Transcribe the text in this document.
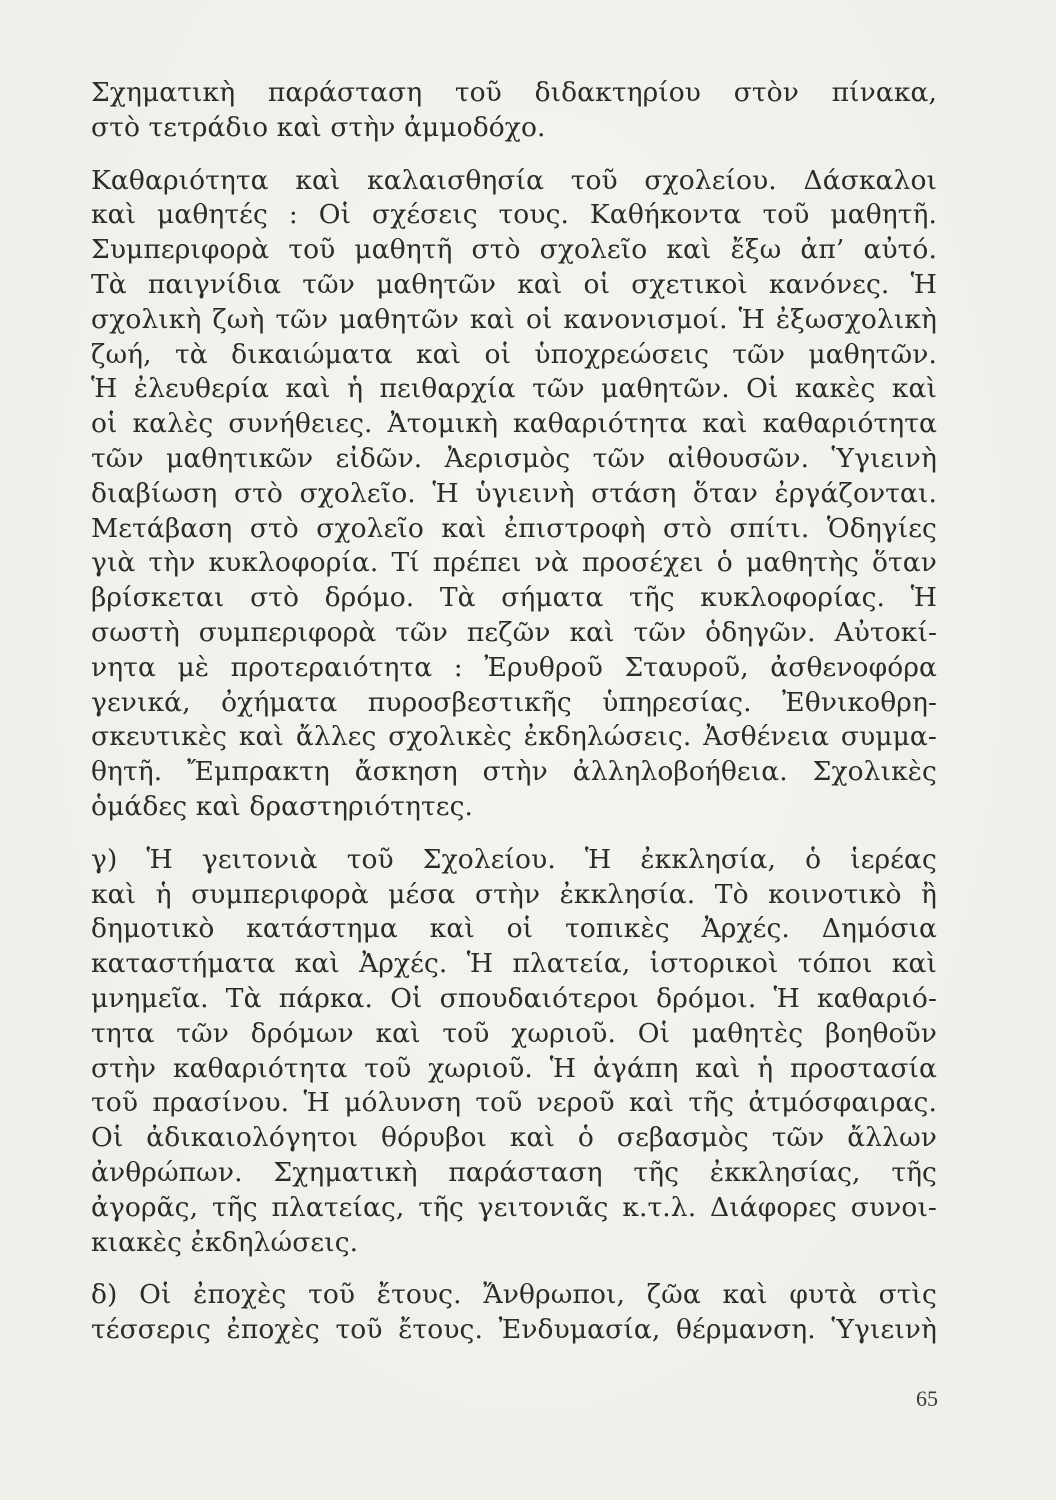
Σχηματικὴ παράσταση τοῦ διδακτηρίου στὸν πίνακα,
στὸ τετράδιο καὶ στὴν ἀμμοδόχο.
Καθαριότητα καὶ καλαισθησία τοῦ σχολείου. Δάσκαλοι
καὶ μαθητές : Οἱ σχέσεις τους. Καθήκοντα τοῦ μαθητῆ.
Συμπεριφορὰ τοῦ μαθητῆ στὸ σχολεῖο καὶ ἔξω ἀπ’ αὐτό.
Τὰ παιγνίδια τῶν μαθητῶν καὶ οἱ σχετικοὶ κανόνες. Ἡ
σχολικὴ ζωὴ τῶν μαθητῶν καὶ οἱ κανονισμοί. Ἡ ἐξωσχολικὴ
ζωή, τὰ δικαιώματα καὶ οἱ ὑποχρεώσεις τῶν μαθητῶν.
Ἡ ἐλευθερία καὶ ἡ πειθαρχία τῶν μαθητῶν. Οἱ κακὲς καὶ
οἱ καλὲς συνήθειες. Ἀτομικὴ καθαριότητα καὶ καθαριότητα
τῶν μαθητικῶν εἰδῶν. Ἀερισμὸς τῶν αἰθουσῶν. Ὑγιεινὴ
διαβίωση στὸ σχολεῖο. Ἡ ὑγιεινὴ στάση ὅταν ἐργάζονται.
Μετάβαση στὸ σχολεῖο καὶ ἐπιστροφὴ στὸ σπίτι. Ὁδηγίες
γιὰ τὴν κυκλοφορία. Τί πρέπει νὰ προσέχει ὁ μαθητὴς ὅταν
βρίσκεται στὸ δρόμο. Τὰ σήματα τῆς κυκλοφορίας. Ἡ
σωστὴ συμπεριφορὰ τῶν πεζῶν καὶ τῶν ὁδηγῶν. Αὐτοκί-
νητα μὲ προτεραιότητα : Ἐρυθροῦ Σταυροῦ, ἀσθενοφόρα
γενικά, ὀχήματα πυροσβεστικῆς ὑπηρεσίας. Ἐθνικοθρη-
σκευτικὲς καὶ ἄλλες σχολικὲς ἐκδηλώσεις. Ἀσθένεια συμμα-
θητῆ. Ἔμπρακτη ἄσκηση στὴν ἀλληλοβοήθεια. Σχολικὲς
ὁμάδες καὶ δραστηριότητες.
γ) Ἡ γειτονιὰ τοῦ Σχολείου. Ἡ ἐκκλησία, ὁ ἱερέας
καὶ ἡ συμπεριφορὰ μέσα στὴν ἐκκλησία. Τὸ κοινοτικὸ ἢ
δημοτικὸ κατάστημα καὶ οἱ τοπικὲς Ἀρχές. Δημόσια
καταστήματα καὶ Ἀρχές. Ἡ πλατεία, ἱστορικοὶ τόποι καὶ
μνημεῖα. Τὰ πάρκα. Οἱ σπουδαιότεροι δρόμοι. Ἡ καθαριό-
τητα τῶν δρόμων καὶ τοῦ χωριοῦ. Οἱ μαθητὲς βοηθοῦν
στὴν καθαριότητα τοῦ χωριοῦ. Ἡ ἀγάπη καὶ ἡ προστασία
τοῦ πρασίνου. Ἡ μόλυνση τοῦ νεροῦ καὶ τῆς ἀτμόσφαιρας.
Οἱ ἀδικαιολόγητοι θόρυβοι καὶ ὁ σεβασμὸς τῶν ἄλλων
ἀνθρώπων. Σχηματικὴ παράσταση τῆς ἐκκλησίας, τῆς
ἀγορᾶς, τῆς πλατείας, τῆς γειτονιᾶς κ.τ.λ. Διάφορες συνοι-
κιακὲς ἐκδηλώσεις.
δ) Οἱ ἐποχὲς τοῦ ἔτους. Ἄνθρωποι, ζῶα καὶ φυτὰ στὶς
τέσσερις ἐποχὲς τοῦ ἔτους. Ἐνδυμασία, θέρμανση. Ὑγιεινὴ
65
